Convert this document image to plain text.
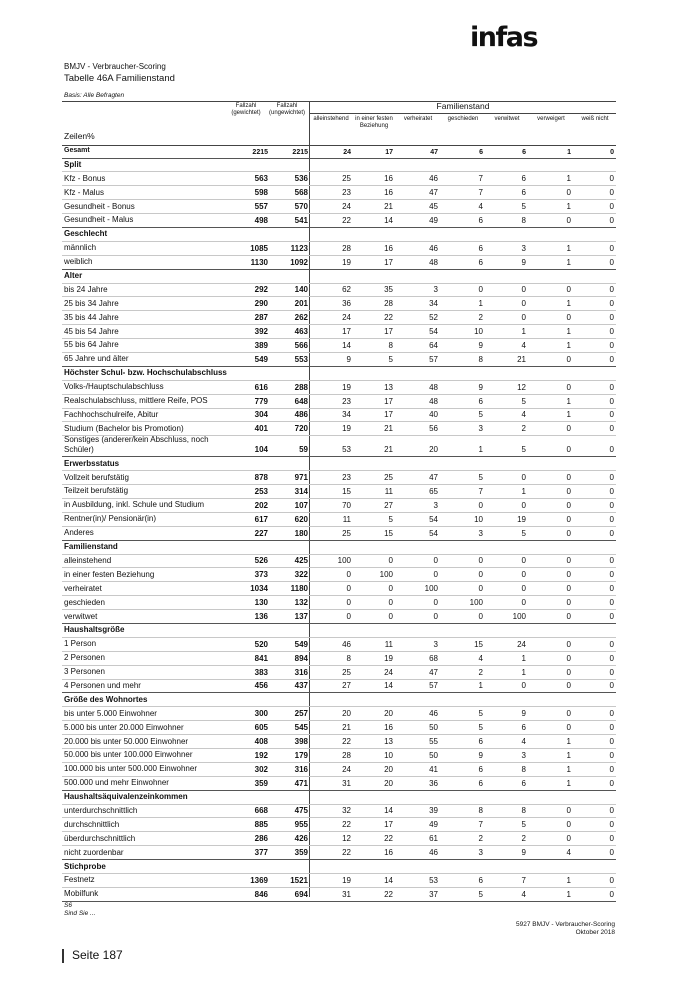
infas
BMJV - Verbraucher-Scoring
Tabelle 46A Familienstand
Basis: Alle Befragten
Fallzahl (gewichtet)
Fallzahl (ungewichtet)
Familienstand
alleinstehend	in einer festen Beziehung
verheiratet	geschieden	verwitwet	verweigert	weiß nicht
Zeilen%
Gesamt	2215	2215	24	17	47	6	6	1	0
Split
Kfz - Bonus	563	536	25	16	46	7	6	1	0
Kfz - Malus	598	568	23	16	47	7	6	0	0
Gesundheit - Bonus	557	570	24	21	45	4	5	1	0
Gesundheit - Malus	498	541	22	14	49	6	8	0	0
Geschlecht
männlich	1085	1123	28	16	46	6	3	1	0
weiblich	1130	1092	19	17	48	6	9	1	0
Alter
bis 24 Jahre	292	140	62	35	3	0	0	0	0
25 bis 34 Jahre	290	201	36	28	34	1	0	1	0
35 bis 44 Jahre	287	262	24	22	52	2	0	0	0
45 bis 54 Jahre	392	463	17	17	54	10	1	1	0
55 bis 64 Jahre	389	566	14	8	64	9	4	1	0
65 Jahre und älter	549	553	9	5	57	8	21	0	0
Höchster Schul- bzw. Hochschulabschluss
Volks-/Hauptschulabschluss	616	288	19	13	48	9	12	0	0
Realschulabschluss, mittlere Reife, POS	779	648	23	17	48	6	5	1	0
Fachhochschulreife, Abitur	304	486	34	17	40	5	4	1	0
Studium (Bachelor bis Promotion)	401	720	19	21	56	3	2	0	0
Sonstiges (anderer/kein Abschluss, noch Schüler)	104	59	53	21	20	1	5	0	0
Erwerbsstatus
Vollzeit berufstätig	878	971	23	25	47	5	0	0	0
Teilzeit berufstätig	253	314	15	11	65	7	1	0	0
in Ausbildung, inkl. Schule und Studium	202	107	70	27	3	0	0	0	0
Rentner(in)/ Pensionär(in)	617	620	11	5	54	10	19	0	0
Anderes	227	180	25	15	54	3	5	0	0
Familienstand
alleinstehend	526	425	100	0	0	0	0	0	0
in einer festen Beziehung	373	322	0	100	0	0	0	0	0
verheiratet	1034	1180	0	0	100	0	0	0	0
geschieden	130	132	0	0	0	100	0	0	0
verwitwet	136	137	0	0	0	0	100	0	0
Haushaltsgröße
1 Person	520	549	46	11	3	15	24	0	0
2 Personen	841	894	8	19	68	4	1	0	0
3 Personen	383	316	25	24	47	2	1	0	0
4 Personen und mehr	456	437	27	14	57	1	0	0	0
Größe des Wohnortes
bis unter 5.000 Einwohner	300	257	20	20	46	5	9	0	0
5.000 bis unter 20.000 Einwohner	605	545	21	16	50	5	6	0	0
20.000 bis unter 50.000 Einwohner	408	398	22	13	55	6	4	1	0
50.000 bis unter 100.000 Einwohner	192	179	28	10	50	9	3	1	0
100.000 bis unter 500.000 Einwohner	302	316	24	20	41	6	8	1	0
500.000 und mehr Einwohner	359	471	31	20	36	6	6	1	0
Haushaltsäquivalenzeinkommen
unterdurchschnittlich	668	475	32	14	39	8	8	0	0
durchschnittlich	885	955	22	17	49	7	5	0	0
überdurchschnittlich	286	426	12	22	61	2	2	0	0
nicht zuordenbar	377	359	22	16	46	3	9	4	0
Stichprobe
Festnetz	1369	1521	19	14	53	6	7	1	0
Mobilfunk	846	694	31	22	37	5	4	1	0
S6
Sind Sie ...
5927 BMJV - Verbraucher-Scoring
Oktober 2018
Seite 187
